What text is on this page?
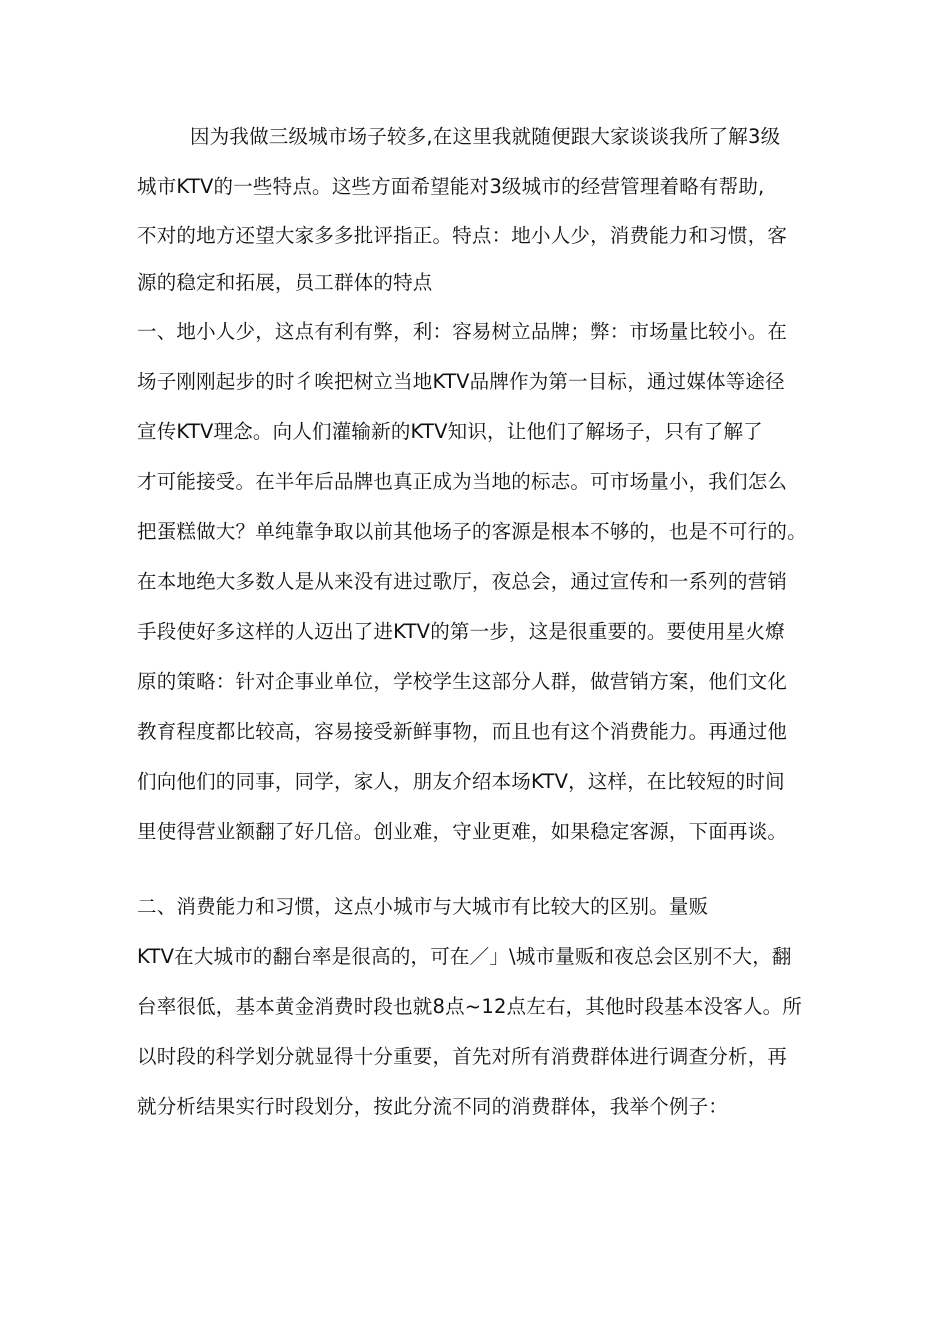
因为我做三级城市场子较多,在这里我就随便跟大家谈谈我所了解3级
城市KTV的一些特点。这些方面希望能对3级城市的经营管理着略有帮助,
不对的地方还望大家多多批评指正。特点：地小人少，消费能力和习惯，客
源的稳定和拓展，员工群体的特点
一、地小人少，这点有利有弊，利：容易树立品牌；弊：市场量比较小。在
场子刚刚起步的时彳唉把树立当地KTV品牌作为第一目标，通过媒体等途径
宣传KTV理念。向人们灌输新的KTV知识，让他们了解场子，只有了解了
才可能接受。在半年后品牌也真正成为当地的标志。可市场量小，我们怎么
把蛋糕做大？单纯靠争取以前其他场子的客源是根本不够的，也是不可行的。
在本地绝大多数人是从来没有进过歌厅，夜总会，通过宣传和一系列的营销
手段使好多这样的人迈出了进KTV的第一步，这是很重要的。要使用星火燎
原的策略：针对企事业单位，学校学生这部分人群，做营销方案，他们文化
教育程度都比较高，容易接受新鲜事物，而且也有这个消费能力。再通过他
们向他们的同事，同学，家人，朋友介绍本场KTV，这样，在比较短的时间
里使得营业额翻了好几倍。创业难，守业更难，如果稳定客源，下面再谈。
二、消费能力和习惯，这点小城市与大城市有比较大的区别。量贩
KTV在大城市的翻台率是很高的，可在／」\城市量贩和夜总会区别不大，翻
台率很低，基本黄金消费时段也就8点~12点左右，其他时段基本没客人。所
以时段的科学划分就显得十分重要，首先对所有消费群体进行调查分析，再
就分析结果实行时段划分，按此分流不同的消费群体，我举个例子：
